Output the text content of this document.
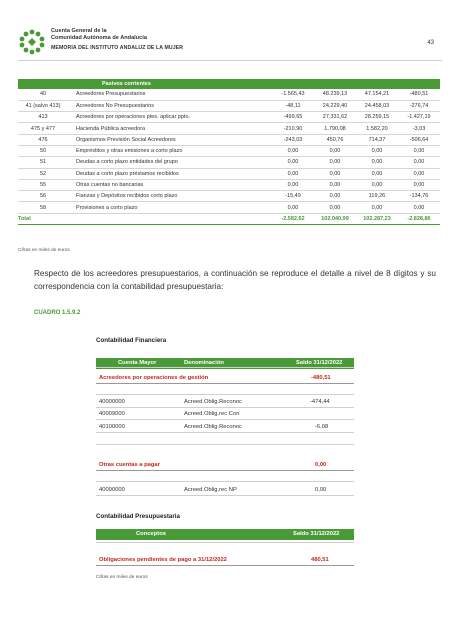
Cuenta General de la
Comunidad Autónoma de Andalucía
MEMORIA DEL INSTITUTO ANDALUZ DE LA MUJER
43
	Pasivos corrientes				
40	Acreedores Presupuestarios	-1.565,43	48.239,13	47.154,21	-480,51
41 (salvo 413)	Acreedores No Presupuestarios	-48,11	24.229,40	24.458,03	-276,74
413	Acreedores por operaciones ptes. aplicar ppto.	-499,65	27.331,62	28.259,15	-1.427,19
475 y 477	Hacienda Pública acreedora	-210,90	1.790,08	1.582,20	-3,03
476	Organismos Previsión Social Acreedores	-243,03	450,76	714,37	-506,64
50	Empréstitos y otras emisiones a corto plazo	0,00	0,00	0,00	0,00
51	Deudas a corto plazo entidades del grupo	0,00	0,00	0,00	0,00
52	Deudas a corto plazo préstamos recibidos	0,00	0,00	0,00	0,00
55	Otras cuentas no bancarias	0,00	0,00	0,00	0,00
56	Fianzas y Depósitos recibidos corto plazo	-15,49	0,00	119,26	-134,76
58	Provisiones a corto plazo	0,00	0,00	0,00	0,00
Total		-2.582,62	102.040,99	102.287,23	-2.828,86
Cifras en miles de euros
Respecto de los acreedores presupuestarios, a continuación se reproduce el detalle a nivel de 8 dígitos y su correspondencia con la contabilidad presupuestaria:
CUADRO 1.5.9.2
Contabilidad Financiera
Cuenta Mayor	Denominación	Saldo 31/12/2022
Acreedores por operaciones de gestión	-480,51
40000000	Acreed.Oblig.Reconoc	-474,44
40009000	Acreed.Oblig.rec Con
40100000	Acreed.Oblig.Reconoc	-6,08
Otras cuentas a pagar	0,00
40090000	Acreed.Oblig.rec NP	0,00
Contabilidad Presupuestaria
Conceptos	Saldo 31/12/2022
Obligaciones pendientes de pago a 31/12/2022	480,51
Cifras en miles de euros
